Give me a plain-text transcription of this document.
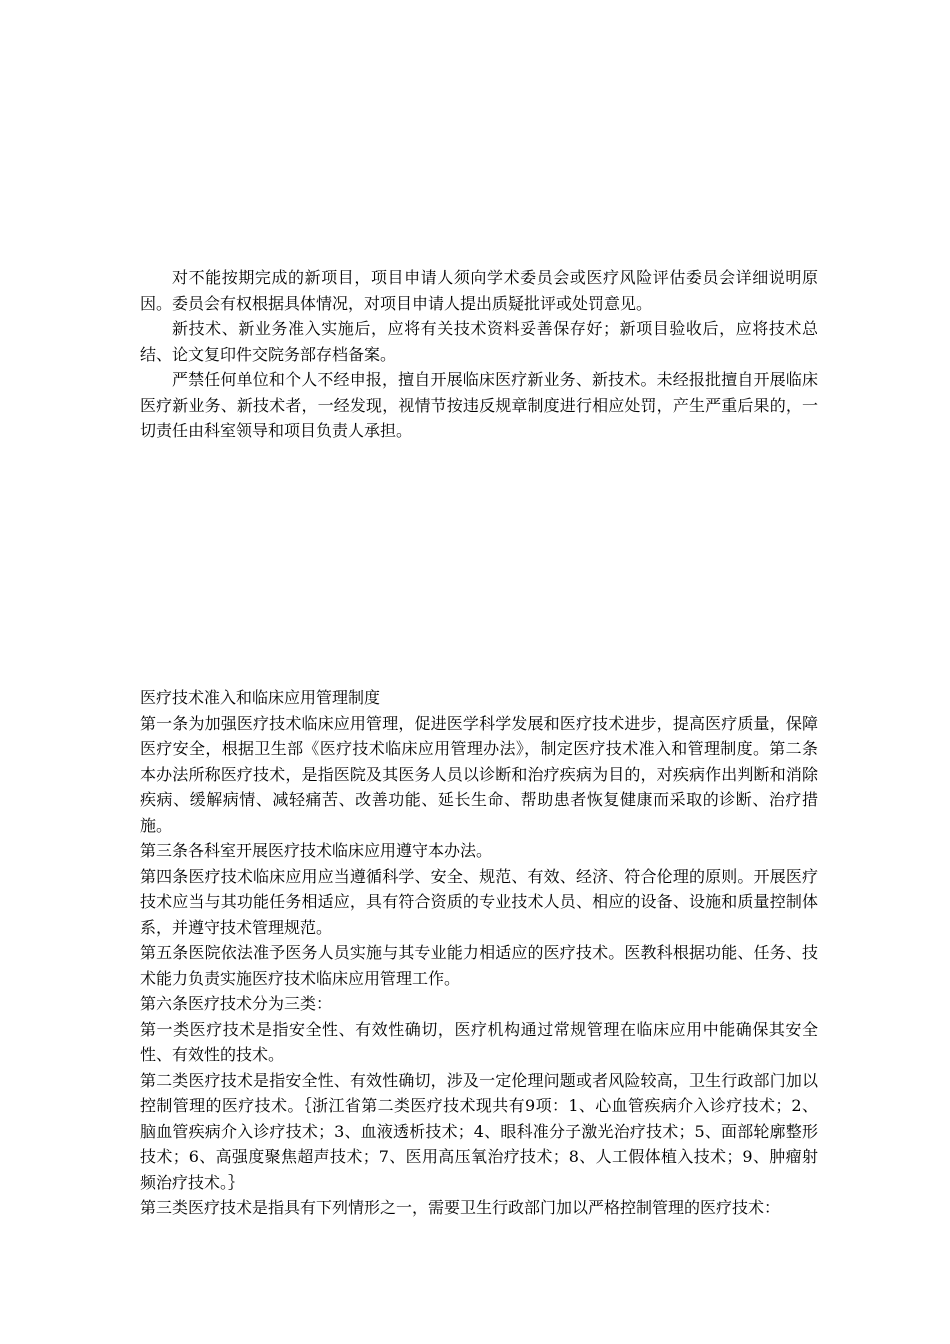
对不能按期完成的新项目，项目申请人须向学术委员会或医疗风险评估委员会详细说明原因。委员会有权根据具体情况，对项目申请人提出质疑批评或处罚意见。

新技术、新业务准入实施后，应将有关技术资料妥善保存好；新项目验收后，应将技术总结、论文复印件交院务部存档备案。

严禁任何单位和个人不经申报，擅自开展临床医疗新业务、新技术。未经报批擅自开展临床医疗新业务、新技术者，一经发现，视情节按违反规章制度进行相应处罚，产生严重后果的，一切责任由科室领导和项目负责人承担。

医疗技术准入和临床应用管理制度

第一条为加强医疗技术临床应用管理，促进医学科学发展和医疗技术进步，提高医疗质量，保障医疗安全，根据卫生部《医疗技术临床应用管理办法》，制定医疗技术准入和管理制度。第二条本办法所称医疗技术，是指医院及其医务人员以诊断和治疗疾病为目的，对疾病作出判断和消除疾病、缓解病情、减轻痛苦、改善功能、延长生命、帮助患者恢复健康而采取的诊断、治疗措施。

第三条各科室开展医疗技术临床应用遵守本办法。

第四条医疗技术临床应用应当遵循科学、安全、规范、有效、经济、符合伦理的原则。开展医疗技术应当与其功能任务相适应，具有符合资质的专业技术人员、相应的设备、设施和质量控制体系，并遵守技术管理规范。

第五条医院依法准予医务人员实施与其专业能力相适应的医疗技术。医教科根据功能、任务、技术能力负责实施医疗技术临床应用管理工作。

第六条医疗技术分为三类：

第一类医疗技术是指安全性、有效性确切，医疗机构通过常规管理在临床应用中能确保其安全性、有效性的技术。

第二类医疗技术是指安全性、有效性确切，涉及一定伦理问题或者风险较高，卫生行政部门加以控制管理的医疗技术。｛浙江省第二类医疗技术现共有9项：1、心血管疾病介入诊疗技术；2、脑血管疾病介入诊疗技术；3、血液透析技术；4、眼科准分子激光治疗技术；5、面部轮廓整形技术；6、高强度聚焦超声技术；7、医用高压氧治疗技术；8、人工假体植入技术；9、肿瘤射频治疗技术。｝

第三类医疗技术是指具有下列情形之一，需要卫生行政部门加以严格控制管理的医疗技术：
